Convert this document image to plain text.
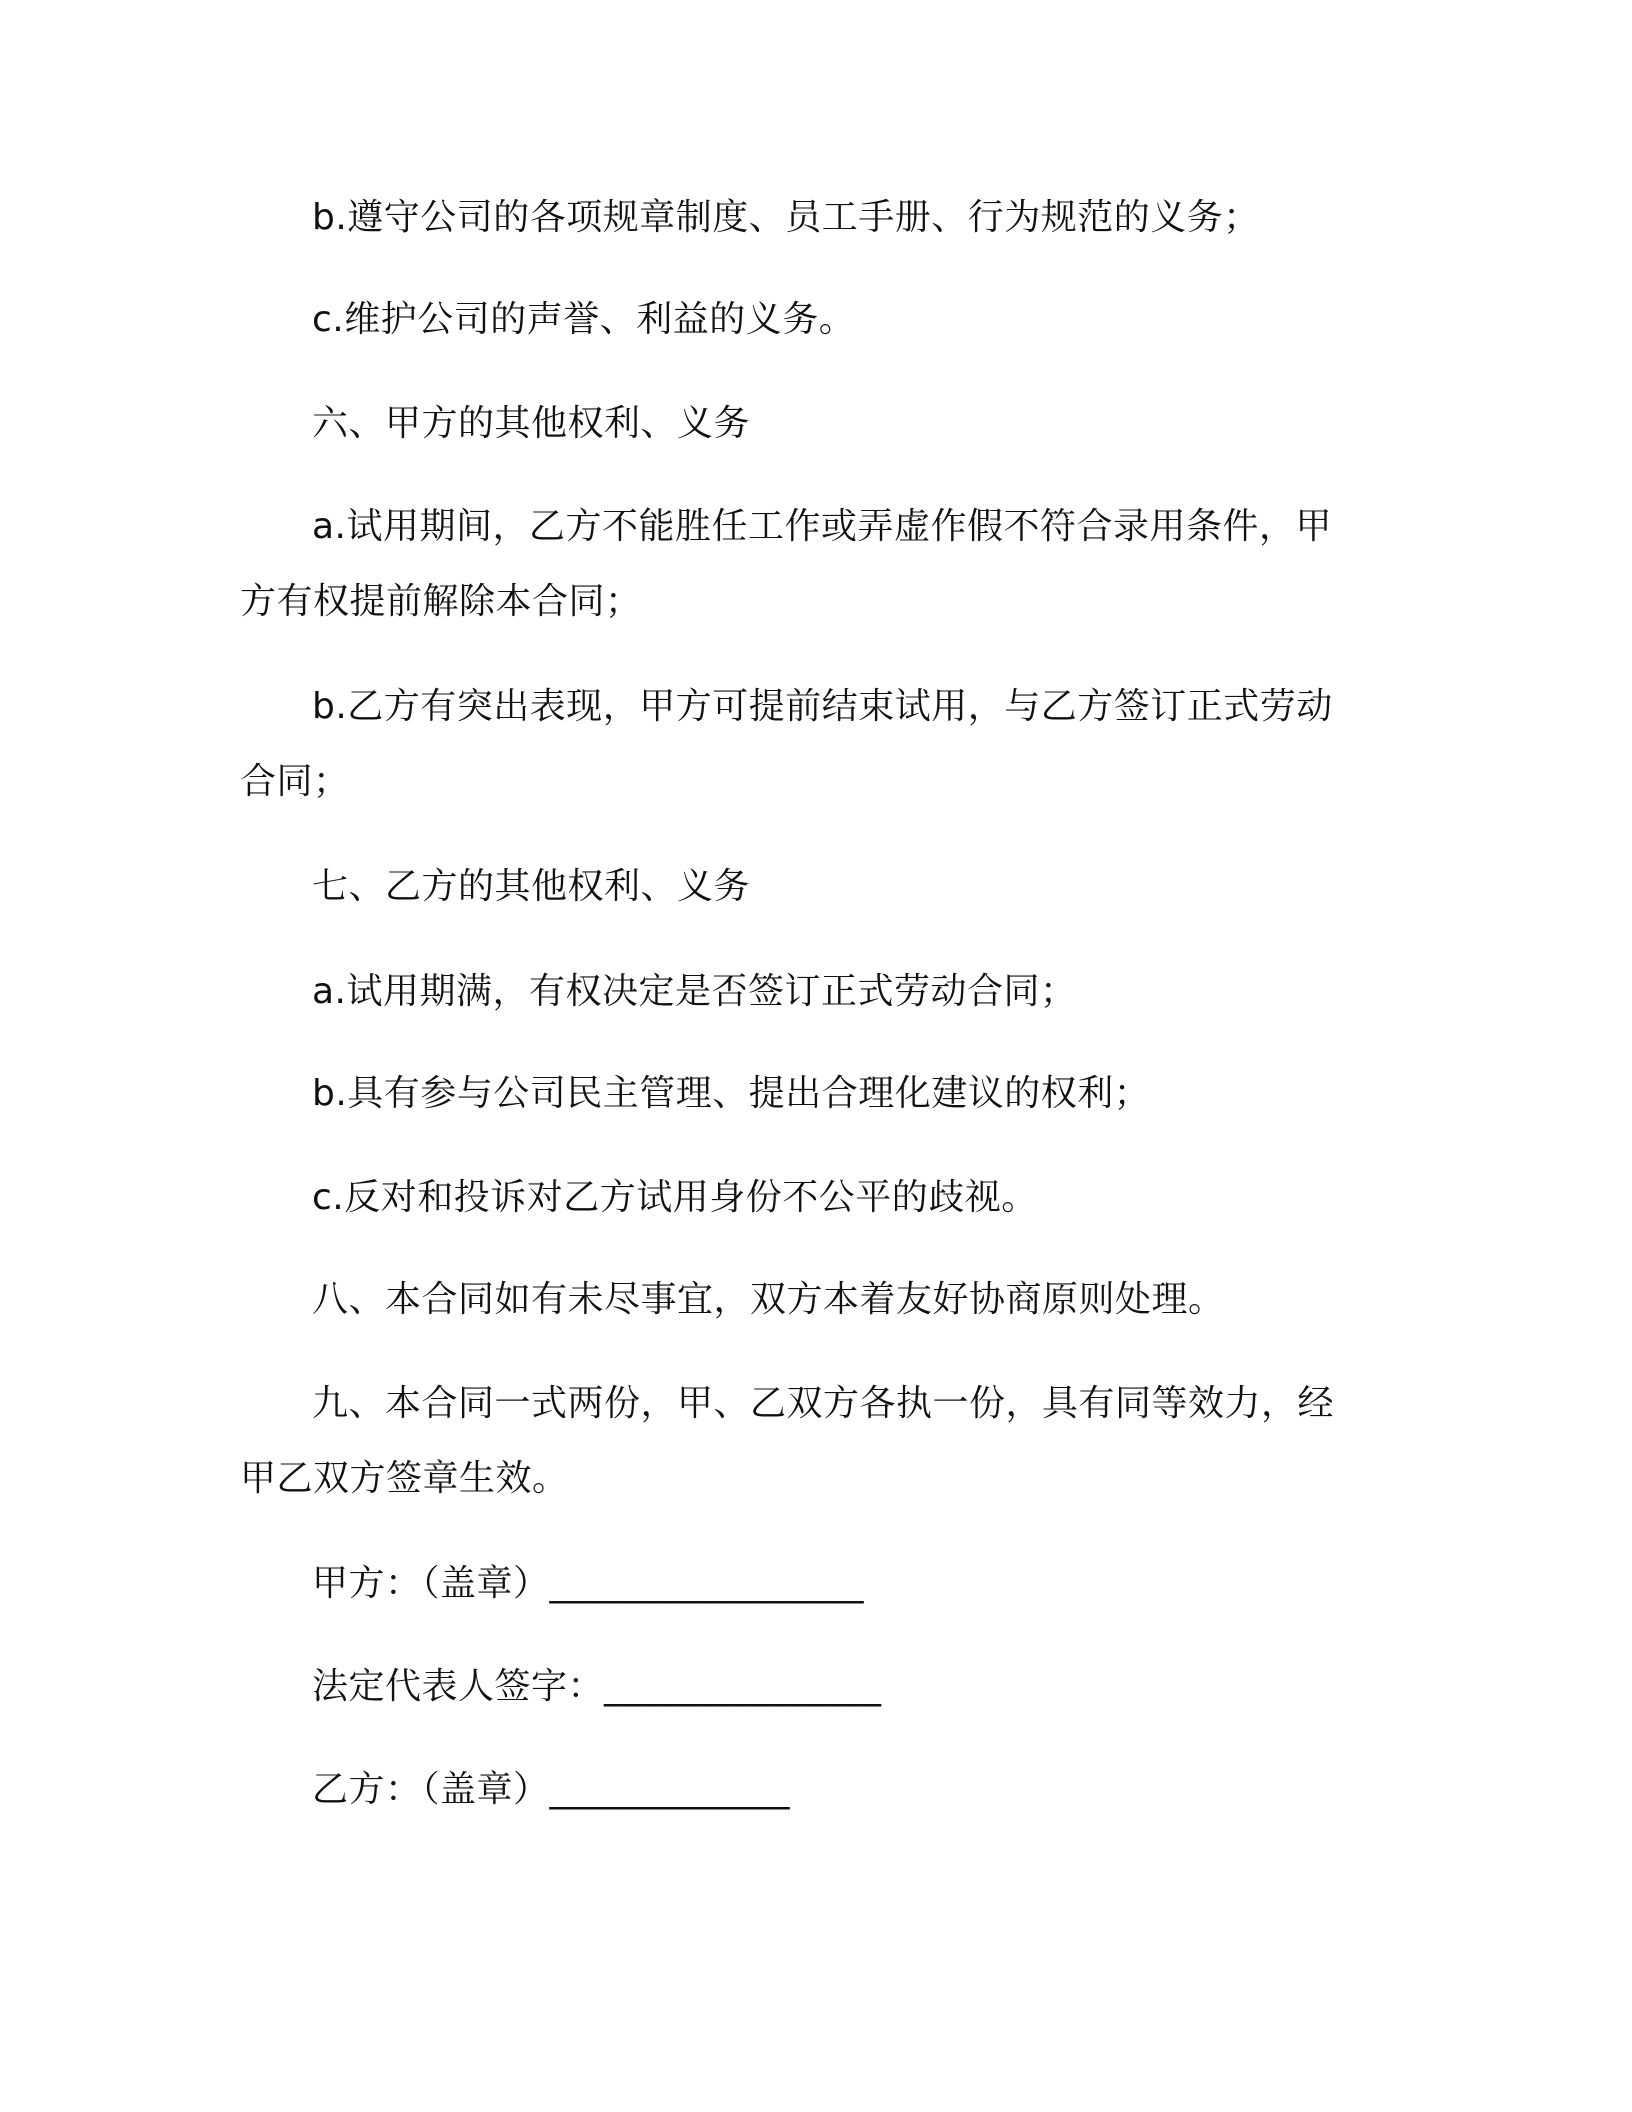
b.遵守公司的各项规章制度、员工手册、行为规范的义务；
c.维护公司的声誉、利益的义务。
六、甲方的其他权利、义务
a.试用期间，乙方不能胜任工作或弄虚作假不符合录用条件，甲
方有权提前解除本合同；
b.乙方有突出表现，甲方可提前结束试用，与乙方签订正式劳动
合同；
七、乙方的其他权利、义务
a.试用期满，有权决定是否签订正式劳动合同；
b.具有参与公司民主管理、提出合理化建议的权利；
c.反对和投诉对乙方试用身份不公平的歧视。
八、本合同如有未尽事宜，双方本着友好协商原则处理。
九、本合同一式两份，甲、乙双方各执一份，具有同等效力，经
甲乙双方签章生效。
甲方：（盖章）_________________
法定代表人签字：_______________
乙方：（盖章）_____________
